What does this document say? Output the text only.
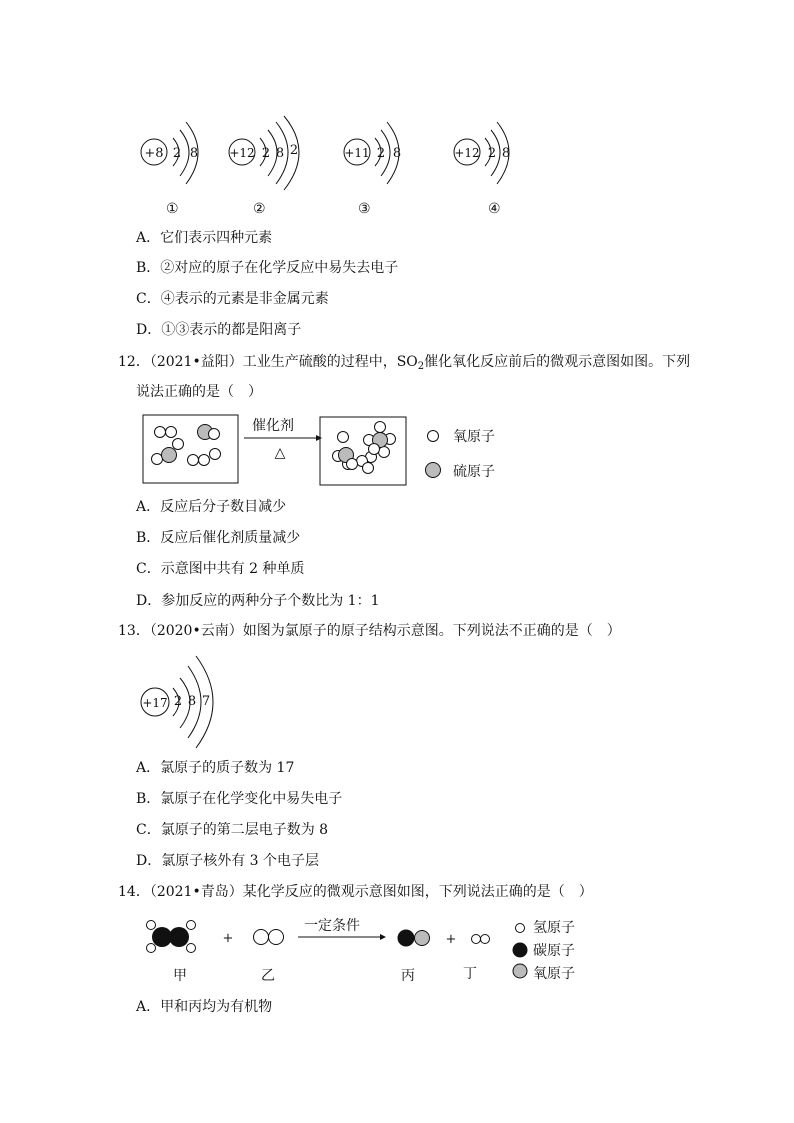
+8 2 8	+12 2 8 2	+11 2 8	+12 2 8
①	②	③	④
A．它们表示四种元素
B．②对应的原子在化学反应中易失去电子
C．④表示的元素是非金属元素
D．①③表示的都是阳离子
12．（2021•益阳）工业生产硫酸的过程中，$SO_2$催化氧化反应前后的微观示意图如图。下列
说法正确的是（　）
催化剂
△
氧原子
硫原子
A．反应后分子数目减少
B．反应后催化剂质量减少
C．示意图中共有 2 种单质
D．参加反应的两种分子个数比为 1：1
13．（2020•云南）如图为氯原子的原子结构示意图。下列说法不正确的是（　）
+17 2 8 7
A．氯原子的质子数为 17
B．氯原子在化学变化中易失电子
C．氯原子的第二层电子数为 8
D．氯原子核外有 3 个电子层
14．（2021•青岛）某化学反应的微观示意图如图，下列说法正确的是（　）
+
一定条件
+
氢原子
碳原子
氧原子
甲	乙	丙	丁
A．甲和丙均为有机物
